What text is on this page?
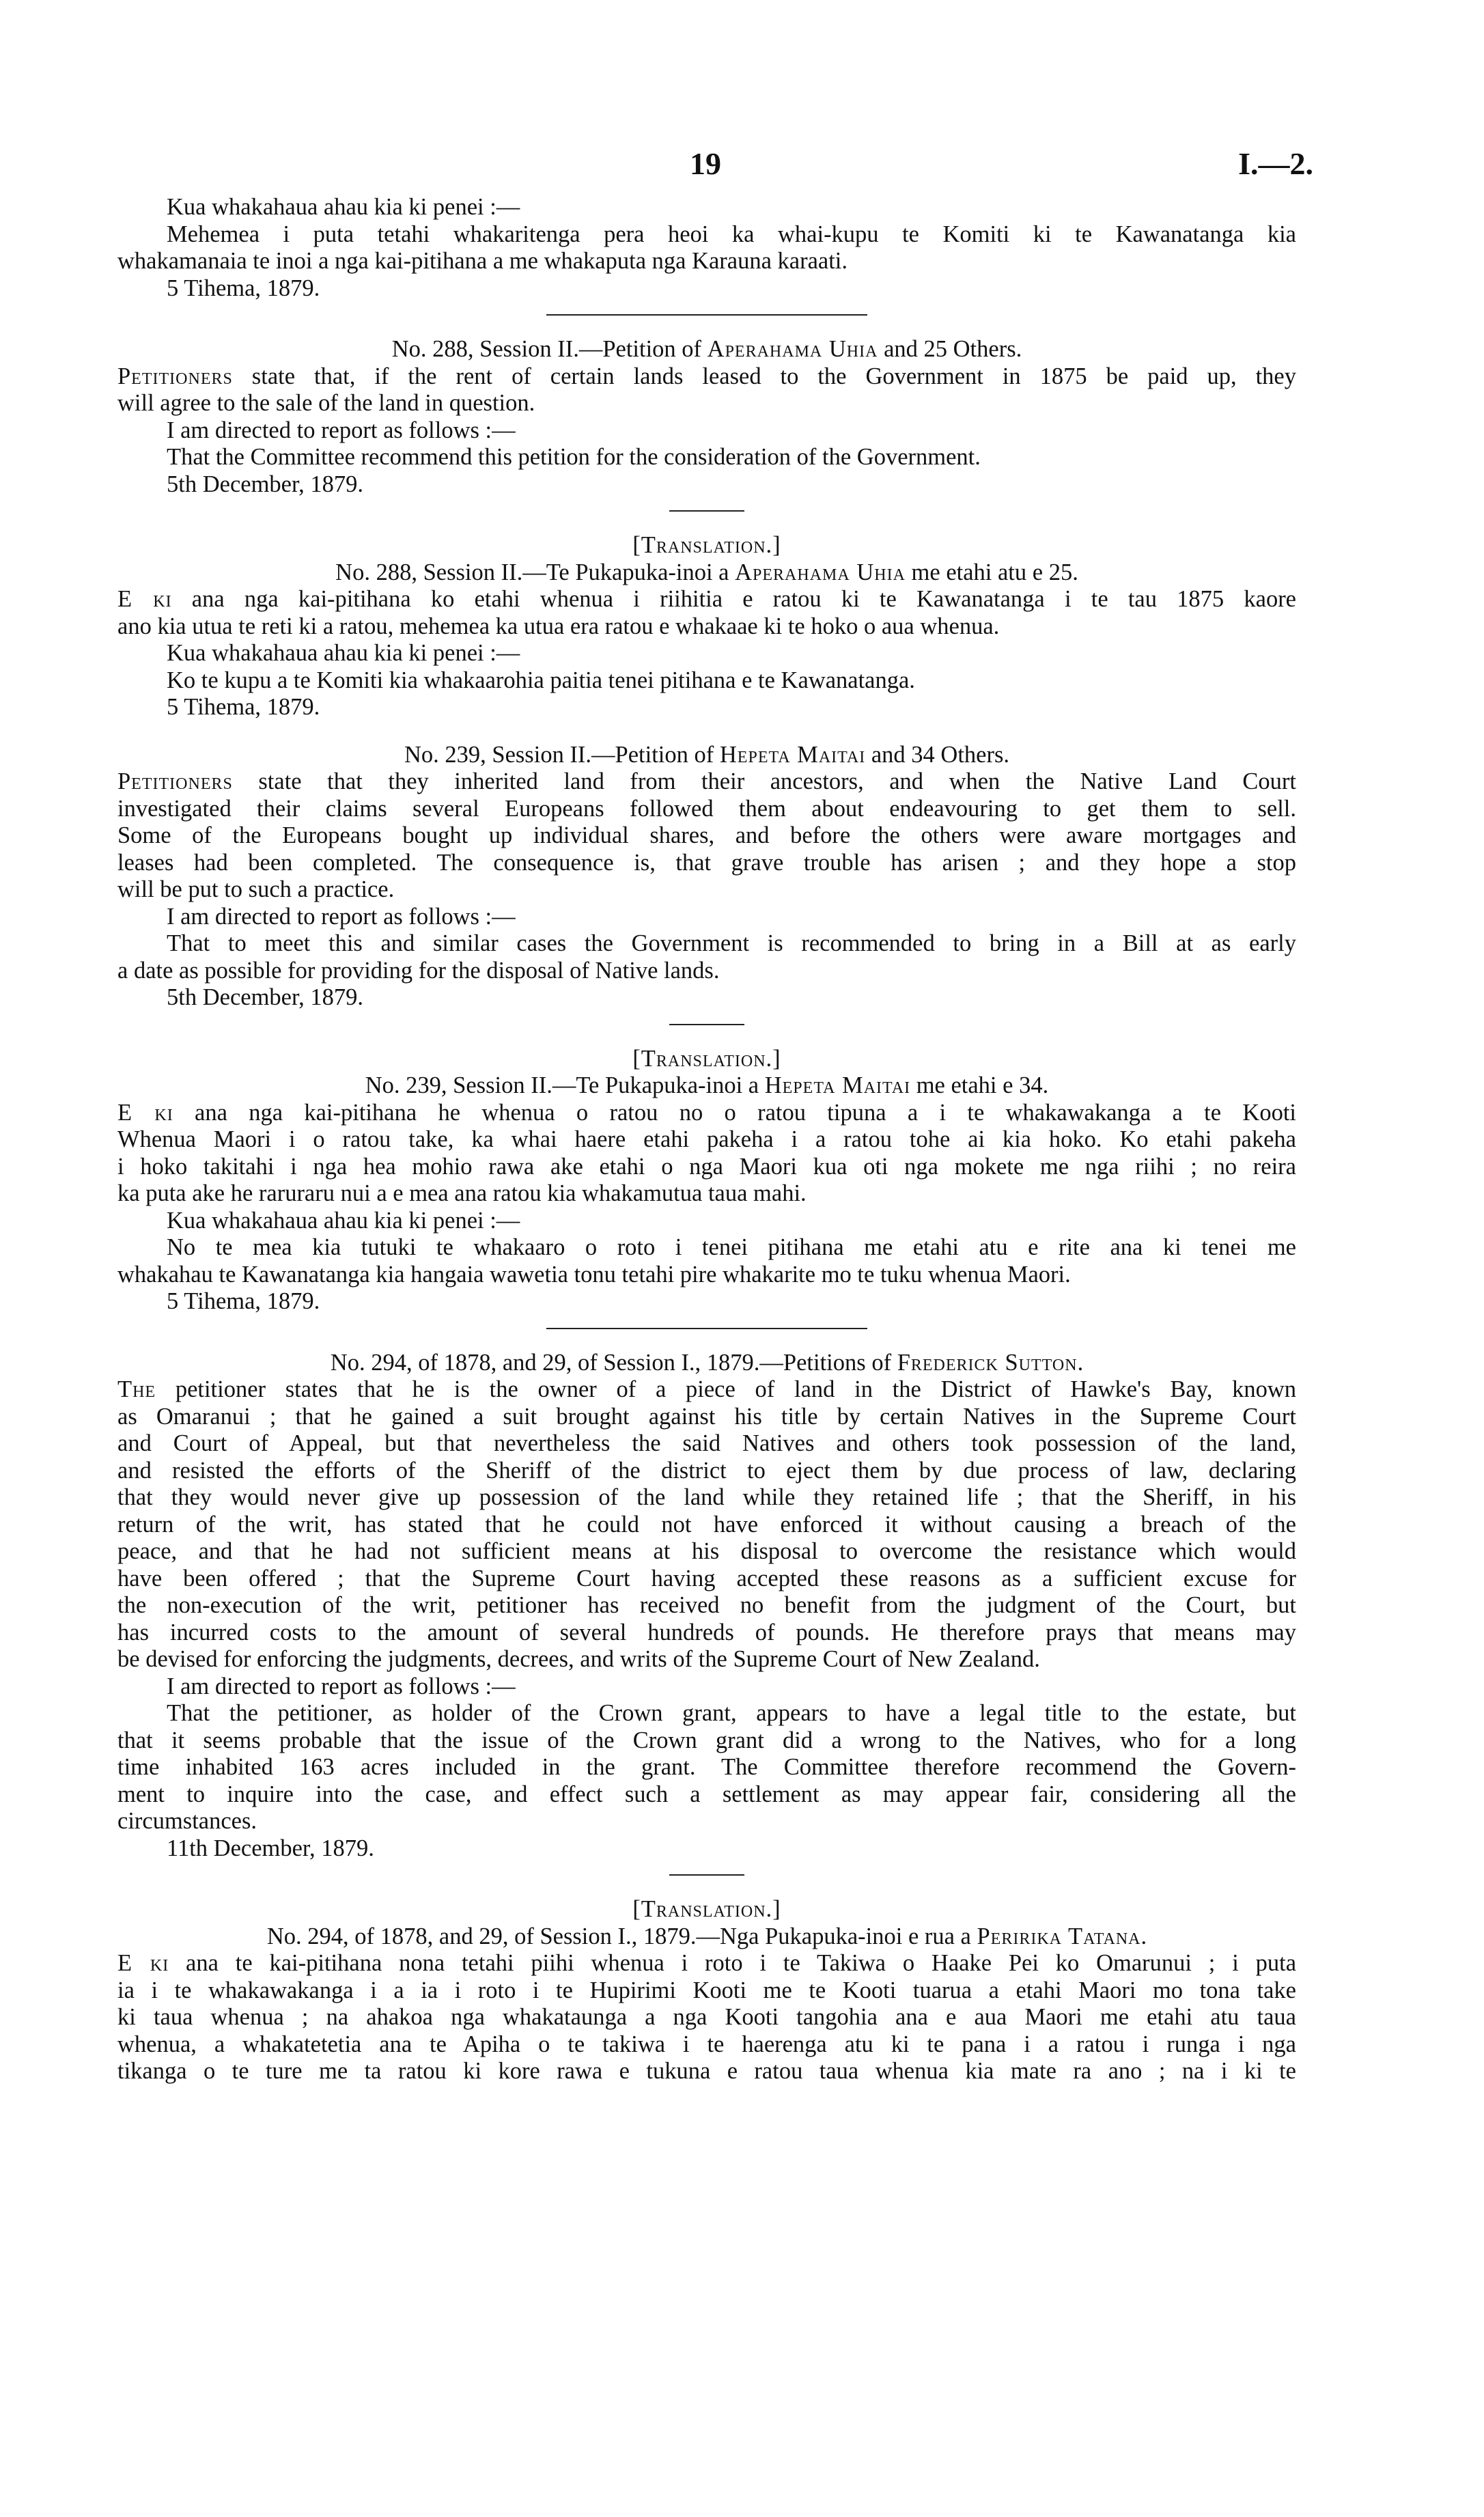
19	I.—2.

Kua whakahaua ahau kia ki penei :—

Mehemea i puta tetahi whakaritenga pera heoi ka whai-kupu te Komiti ki te Kawanatanga kia

whakamanaia te inoi a nga kai-pitihana a me whakaputa nga Karauna karaati.

5 Tihema, 1879.

No. 288, Session II.—Petition of Aperahama Uhia and 25 Others.

Petitioners state that, if the rent of certain lands leased to the Government in 1875 be paid up, they

will agree to the sale of the land in question.

I am directed to report as follows :—

That the Committee recommend this petition for the consideration of the Government.

5th December, 1879.

[Translation.]

No. 288, Session II.—Te Pukapuka-inoi a Aperahama Uhia me etahi atu e 25.

E ki ana nga kai-pitihana ko etahi whenua i riihitia e ratou ki te Kawanatanga i te tau 1875 kaore

ano kia utua te reti ki a ratou, mehemea ka utua era ratou e whakaae ki te hoko o aua whenua.

Kua whakahaua ahau kia ki penei :—

Ko te kupu a te Komiti kia whakaarohia paitia tenei pitihana e te Kawanatanga.

5 Tihema, 1879.

No. 239, Session II.—Petition of Hepeta Maitai and 34 Others.

Petitioners state that they inherited land from their ancestors, and when the Native Land Court

investigated their claims several Europeans followed them about endeavouring to get them to sell.

Some of the Europeans bought up individual shares, and before the others were aware mortgages and

leases had been completed. The consequence is, that grave trouble has arisen ; and they hope a stop

will be put to such a practice.

I am directed to report as follows :—

That to meet this and similar cases the Government is recommended to bring in a Bill at as early

a date as possible for providing for the disposal of Native lands.

5th December, 1879.

[Translation.]

No. 239, Session II.—Te Pukapuka-inoi a Hepeta Maitai me etahi e 34.

E ki ana nga kai-pitihana he whenua o ratou no o ratou tipuna a i te whakawakanga a te Kooti

Whenua Maori i o ratou take, ka whai haere etahi pakeha i a ratou tohe ai kia hoko. Ko etahi pakeha

i hoko takitahi i nga hea mohio rawa ake etahi o nga Maori kua oti nga mokete me nga riihi ; no reira

ka puta ake he raruraru nui a e mea ana ratou kia whakamutua taua mahi.

Kua whakahaua ahau kia ki penei :—

No te mea kia tutuki te whakaaro o roto i tenei pitihana me etahi atu e rite ana ki tenei me

whakahau te Kawanatanga kia hangaia wawetia tonu tetahi pire whakarite mo te tuku whenua Maori.

5 Tihema, 1879.

No. 294, of 1878, and 29, of Session I., 1879.—Petitions of Frederick Sutton.

The petitioner states that he is the owner of a piece of land in the District of Hawke's Bay, known

as Omaranui ; that he gained a suit brought against his title by certain Natives in the Supreme Court

and Court of Appeal, but that nevertheless the said Natives and others took possession of the land,

and resisted the efforts of the Sheriff of the district to eject them by due process of law, declaring

that they would never give up possession of the land while they retained life ; that the Sheriff, in his

return of the writ, has stated that he could not have enforced it without causing a breach of the

peace, and that he had not sufficient means at his disposal to overcome the resistance which would

have been offered ; that the Supreme Court having accepted these reasons as a sufficient excuse for

the non-execution of the writ, petitioner has received no benefit from the judgment of the Court, but

has incurred costs to the amount of several hundreds of pounds. He therefore prays that means may

be devised for enforcing the judgments, decrees, and writs of the Supreme Court of New Zealand.

I am directed to report as follows :—

That the petitioner, as holder of the Crown grant, appears to have a legal title to the estate, but

that it seems probable that the issue of the Crown grant did a wrong to the Natives, who for a long

time inhabited 163 acres included in the grant. The Committee therefore recommend the Govern-

ment to inquire into the case, and effect such a settlement as may appear fair, considering all the

circumstances.

11th December, 1879.

[Translation.]

No. 294, of 1878, and 29, of Session I., 1879.—Nga Pukapuka-inoi e rua a Peririka Tatana.

E ki ana te kai-pitihana nona tetahi piihi whenua i roto i te Takiwa o Haake Pei ko Omarunui ; i puta

ia i te whakawakanga i a ia i roto i te Hupirimi Kooti me te Kooti tuarua a etahi Maori mo tona take

ki taua whenua ; na ahakoa nga whakataunga a nga Kooti tangohia ana e aua Maori me etahi atu taua

whenua, a whakatetetia ana te Apiha o te takiwa i te haerenga atu ki te pana i a ratou i runga i nga

tikanga o te ture me ta ratou ki kore rawa e tukuna e ratou taua whenua kia mate ra ano ; na i ki te
